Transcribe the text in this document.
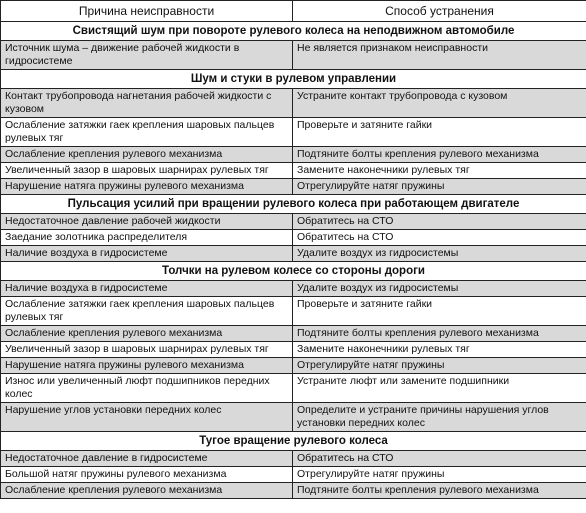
Причина неисправности	Способ устранения
Свистящий шум при повороте рулевого колеса на неподвижном автомобиле	
Источник шума – движение рабочей жидкости в гидросистеме	Не является признаком неисправности
Шум и стуки в рулевом управлении	
Контакт трубопровода нагнетания рабочей жидкости с кузовом	Устраните контакт трубопровода с кузовом
Ослабление затяжки гаек крепления шаровых пальцев рулевых тяг	Проверьте и затяните гайки
Ослабление крепления рулевого механизма	Подтяните болты крепления рулевого механизма
Увеличенный зазор в шаровых шарнирах рулевых тяг	Замените наконечники рулевых тяг
Нарушение натяга пружины рулевого механизма	Отрегулируйте натяг пружины
Пульсация усилий при вращении рулевого колеса при работающем двигателе	
Недостаточное давление рабочей жидкости	Обратитесь на СТО
Заедание золотника распределителя	Обратитесь на СТО
Наличие воздуха в гидросистеме	Удалите воздух из гидросистемы
Толчки на рулевом колесе со стороны дороги	
Наличие воздуха в гидросистеме	Удалите воздух из гидросистемы
Ослабление затяжки гаек крепления шаровых пальцев рулевых тяг	Проверьте и затяните гайки
Ослабление крепления рулевого механизма	Подтяните болты крепления рулевого механизма
Увеличенный зазор в шаровых шарнирах рулевых тяг	Замените наконечники рулевых тяг
Нарушение натяга пружины рулевого механизма	Отрегулируйте натяг пружины
Износ или увеличенный люфт подшипников передних колес	Устраните люфт или замените подшипники
Нарушение углов установки передних колес	Определите и устраните причины нарушения углов установки передних колес
Тугое вращение рулевого колеса	
Недостаточное давление в гидросистеме	Обратитесь на СТО
Большой натяг пружины рулевого механизма	Отрегулируйте натяг пружины
Ослабление крепления рулевого механизма	Подтяните болты крепления рулевого механизма
